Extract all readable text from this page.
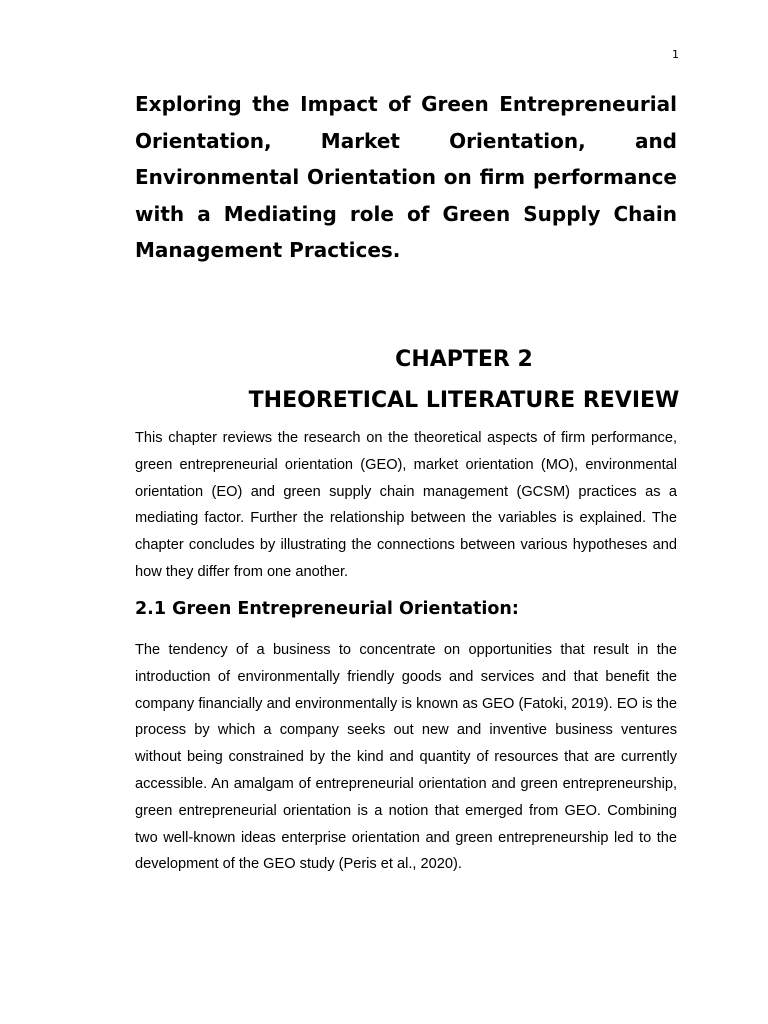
1
Exploring the Impact of Green Entrepreneurial Orientation, Market Orientation, and Environmental Orientation on firm performance with a Mediating role of Green Supply Chain Management Practices.
CHAPTER 2
THEORETICAL LITERATURE REVIEW

This chapter reviews the research on the theoretical aspects of firm performance, green entrepreneurial orientation (GEO), market orientation (MO), environmental orientation (EO) and green supply chain management (GCSM) practices as a mediating factor. Further the relationship between the variables is explained. The chapter concludes by illustrating the connections between various hypotheses and how they differ from one another.

2.1 Green Entrepreneurial Orientation:

The tendency of a business to concentrate on opportunities that result in the introduction of environmentally friendly goods and services and that benefit the company financially and environmentally is known as GEO (Fatoki, 2019). EO is the process by which a company seeks out new and inventive business ventures without being constrained by the kind and quantity of resources that are currently accessible. An amalgam of entrepreneurial orientation and green entrepreneurship, green entrepreneurial orientation is a notion that emerged from GEO. Combining two well-known ideas enterprise orientation and green entrepreneurship led to the development of the GEO study (Peris et al., 2020).
